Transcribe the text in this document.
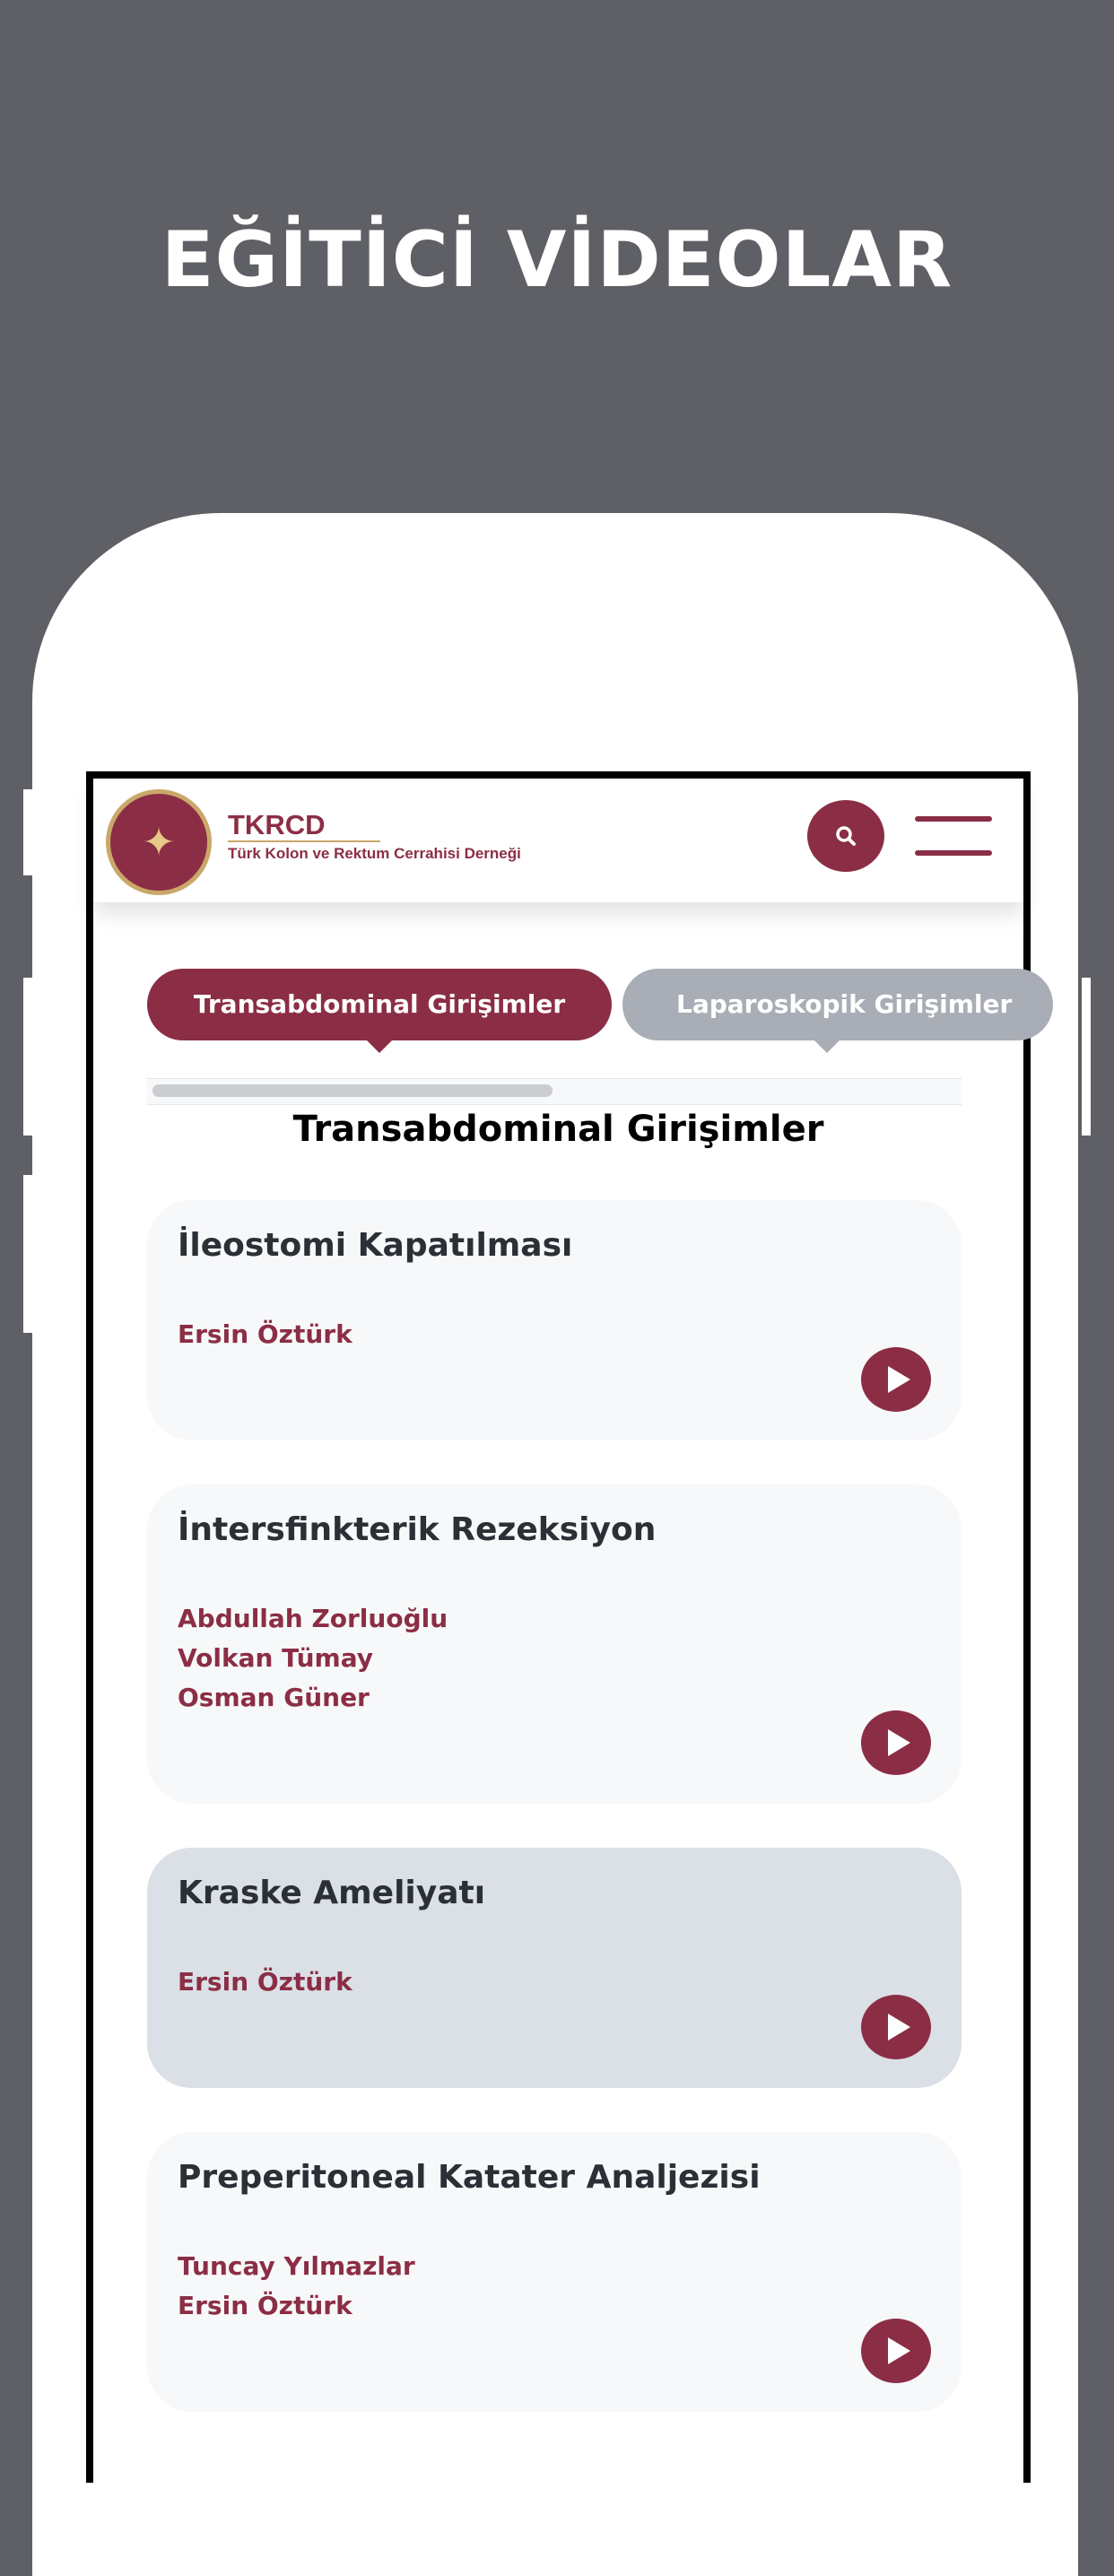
EĞİTİCİ VİDEOLAR
✦	TKRCD
Türk Kolon ve Rektum Cerrahisi Derneği
Transabdominal Girişimler	Laparoskopik Girişimler
Transabdominal Girişimler
İleostomi Kapatılması
Ersin Öztürk
İntersfinkterik Rezeksiyon
Abdullah Zorluoğlu
Volkan Tümay
Osman Güner
Kraske Ameliyatı
Ersin Öztürk
Preperitoneal Katater Analjezisi
Tuncay Yılmazlar
Ersin Öztürk
